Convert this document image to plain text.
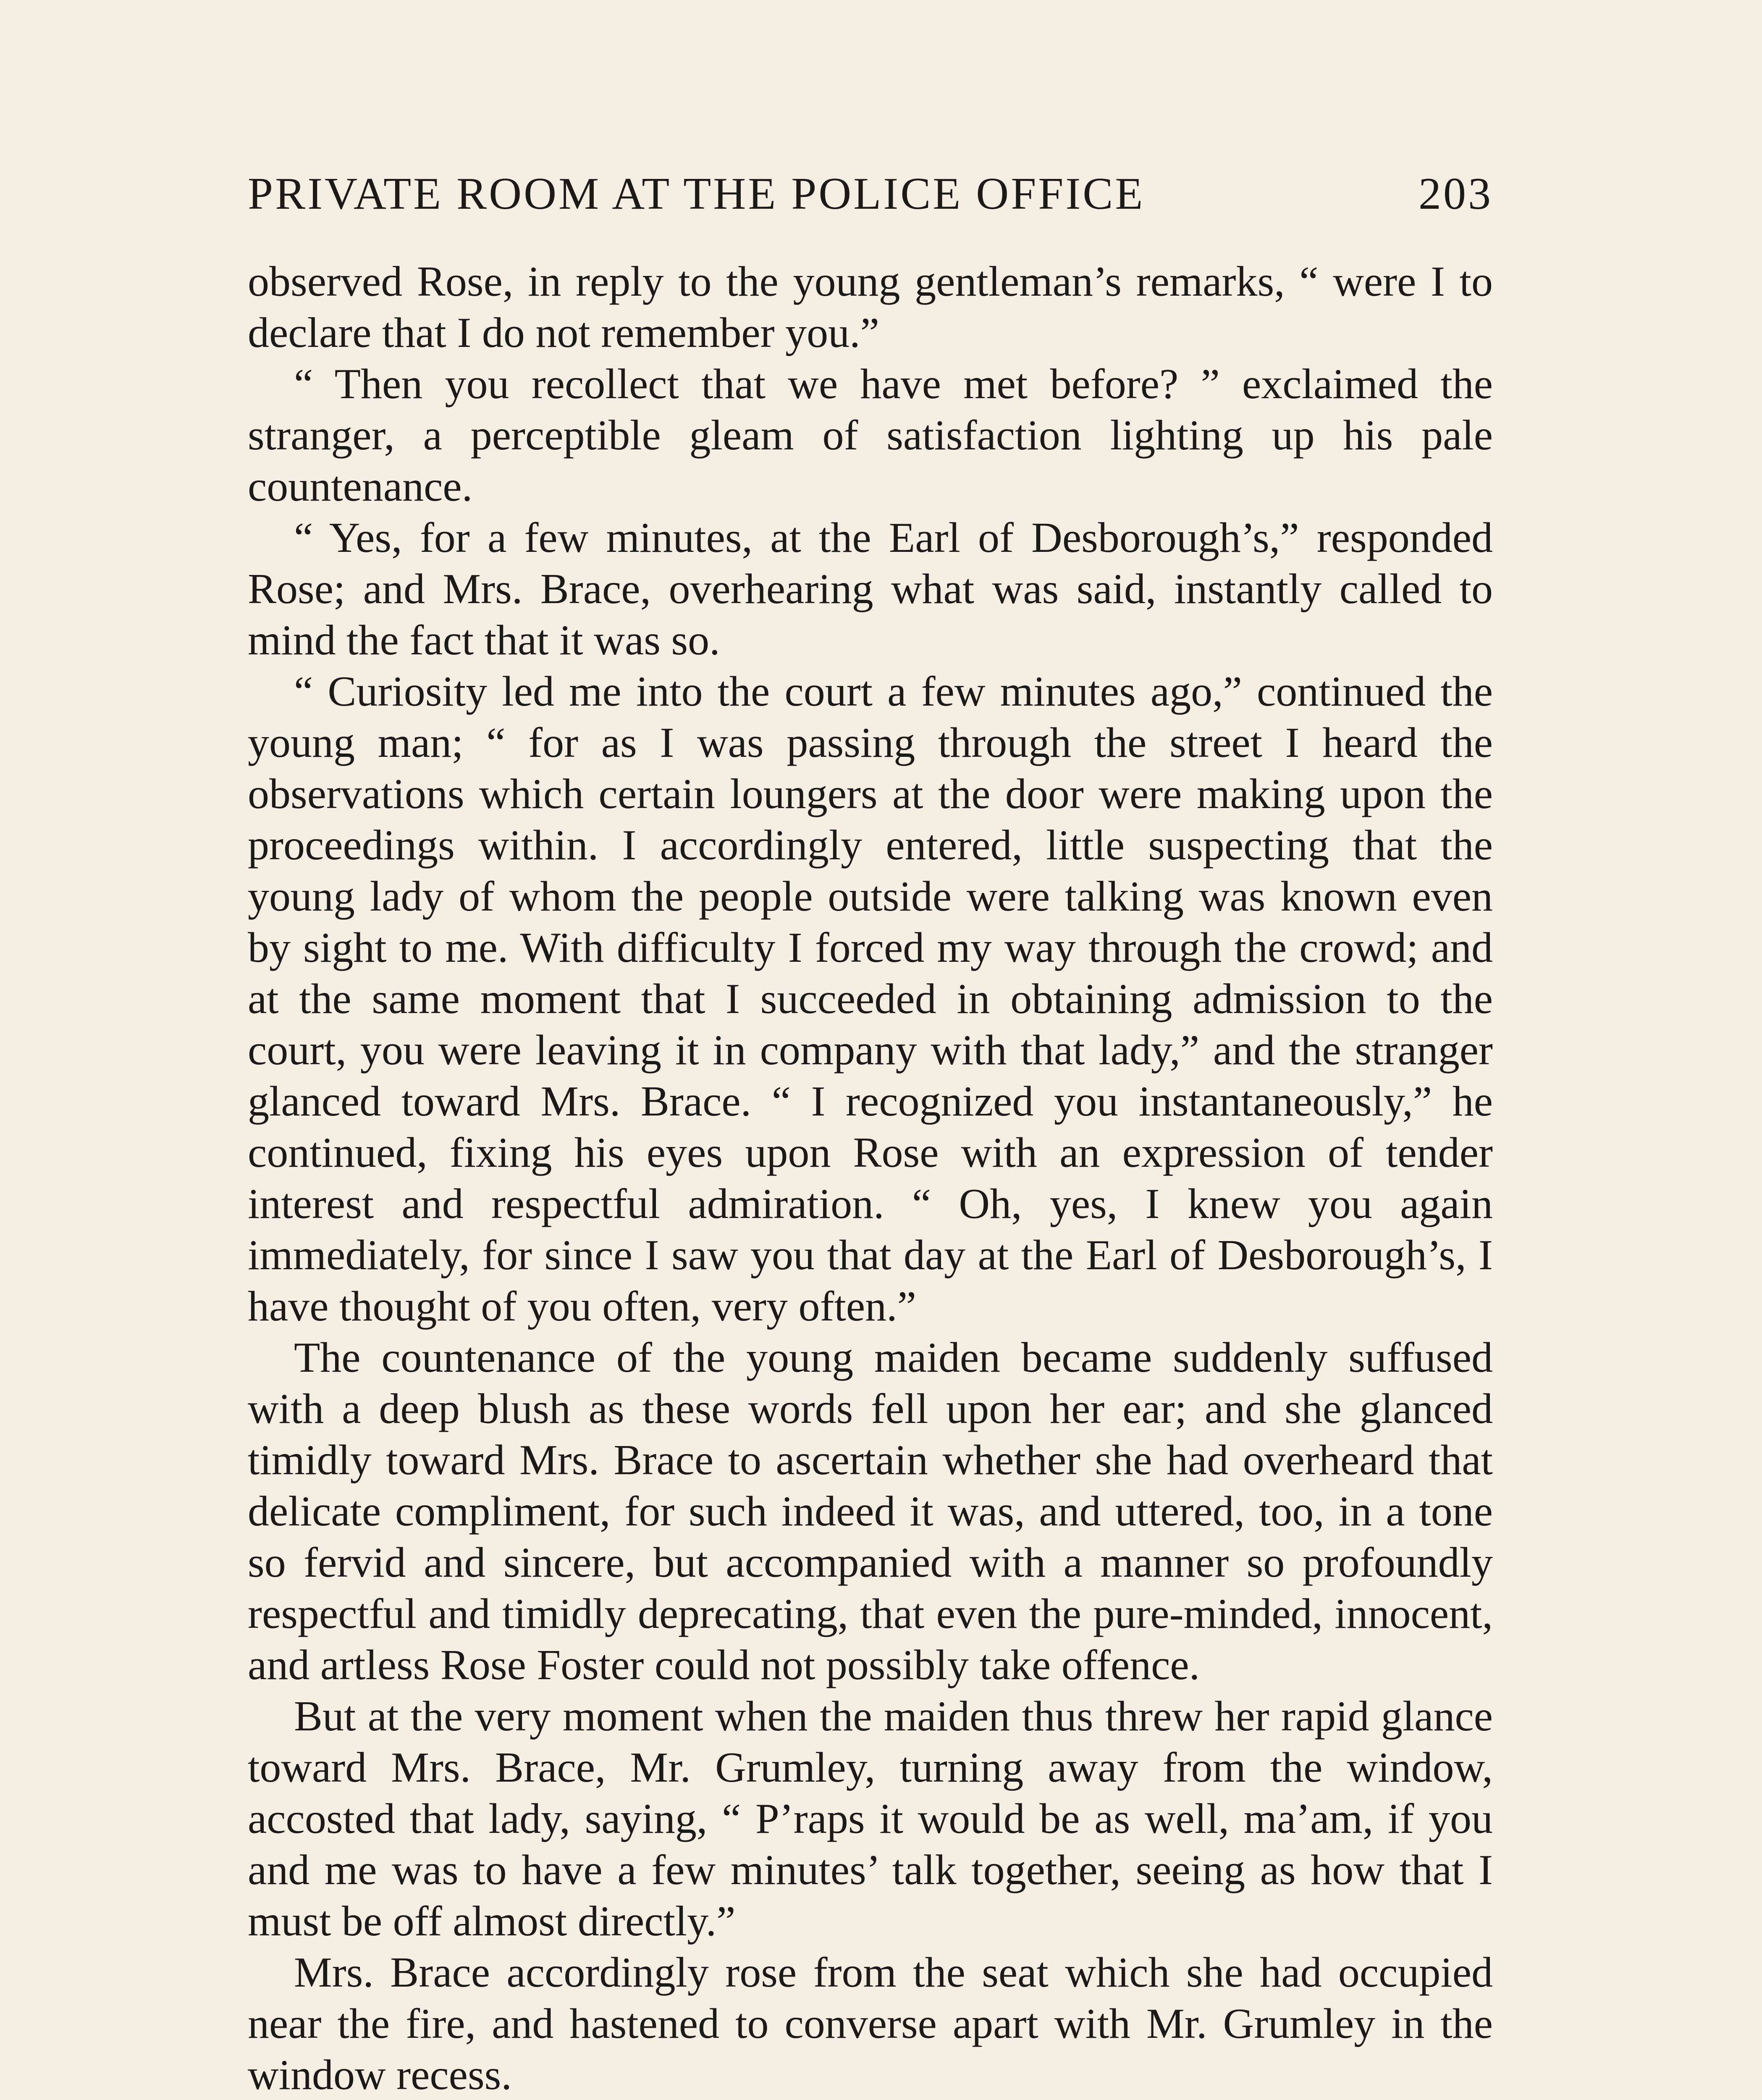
PRIVATE ROOM AT THE POLICE OFFICE	203

observed Rose, in reply to the young gentleman’s remarks, “ were I to declare that I do not remember you.”

“ Then you recollect that we have met before? ” exclaimed the stranger, a perceptible gleam of satisfaction lighting up his pale countenance.

“ Yes, for a few minutes, at the Earl of Desborough’s,” responded Rose; and Mrs. Brace, overhearing what was said, instantly called to mind the fact that it was so.

“ Curiosity led me into the court a few minutes ago,” continued the young man; “ for as I was passing through the street I heard the observations which certain loungers at the door were making upon the proceedings within. I accordingly entered, little suspecting that the young lady of whom the people outside were talking was known even by sight to me. With difficulty I forced my way through the crowd; and at the same moment that I succeeded in obtaining admission to the court, you were leaving it in company with that lady,” and the stranger glanced toward Mrs. Brace. “ I recognized you instantaneously,” he continued, fixing his eyes upon Rose with an expression of tender interest and respectful admiration. “ Oh, yes, I knew you again immediately, for since I saw you that day at the Earl of Desborough’s, I have thought of you often, very often.”

The countenance of the young maiden became suddenly suffused with a deep blush as these words fell upon her ear; and she glanced timidly toward Mrs. Brace to ascertain whether she had overheard that delicate compliment, for such indeed it was, and uttered, too, in a tone so fervid and sincere, but accompanied with a manner so profoundly respectful and timidly deprecating, that even the pure-minded, innocent, and artless Rose Foster could not possibly take offence.

But at the very moment when the maiden thus threw her rapid glance toward Mrs. Brace, Mr. Grumley, turning away from the window, accosted that lady, saying, “ P’raps it would be as well, ma’am, if you and me was to have a few minutes’ talk together, seeing as how that I must be off almost directly.”

Mrs. Brace accordingly rose from the seat which she had occupied near the fire, and hastened to converse apart with Mr. Grumley in the window recess.
